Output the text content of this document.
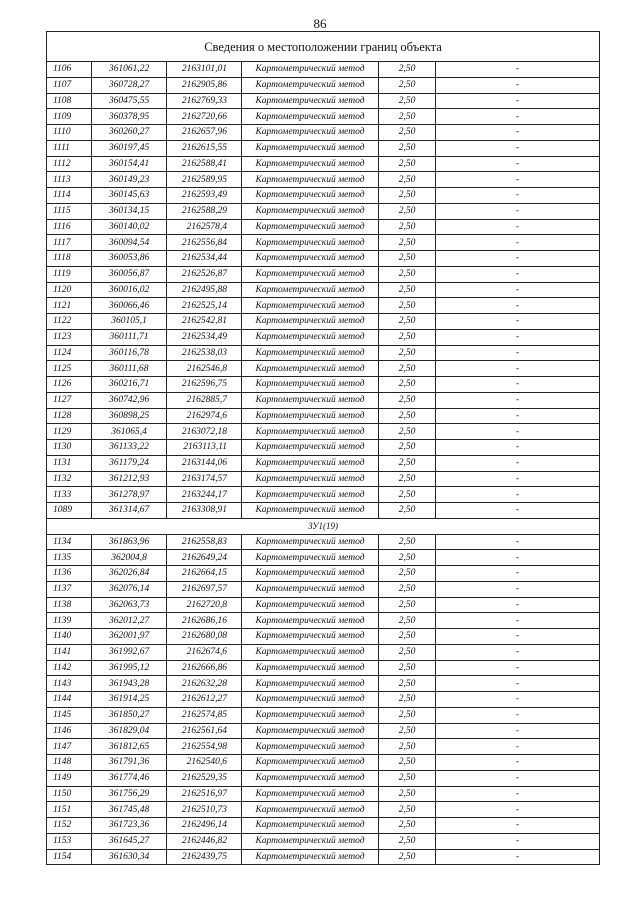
86
Сведения о местоположении границ объекта					
1106	361061,22	2163101,01	Картометрический метод	2,50	-
1107	360728,27	2162905,86	Картометрический метод	2,50	-
1108	360475,55	2162769,33	Картометрический метод	2,50	-
1109	360378,95	2162720,66	Картометрический метод	2,50	-
1110	360260,27	2162657,96	Картометрический метод	2,50	-
1111	360197,45	2162615,55	Картометрический метод	2,50	-
1112	360154,41	2162588,41	Картометрический метод	2,50	-
1113	360149,23	2162589,95	Картометрический метод	2,50	-
1114	360145,63	2162593,49	Картометрический метод	2,50	-
1115	360134,15	2162588,29	Картометрический метод	2,50	-
1116	360140,02	2162578,4	Картометрический метод	2,50	-
1117	360094,54	2162556,84	Картометрический метод	2,50	-
1118	360053,86	2162534,44	Картометрический метод	2,50	-
1119	360056,87	2162526,87	Картометрический метод	2,50	-
1120	360016,02	2162495,88	Картометрический метод	2,50	-
1121	360066,46	2162525,14	Картометрический метод	2,50	-
1122	360105,1	2162542,81	Картометрический метод	2,50	-
1123	360111,71	2162534,49	Картометрический метод	2,50	-
1124	360116,78	2162538,03	Картометрический метод	2,50	-
1125	360111,68	2162546,8	Картометрический метод	2,50	-
1126	360216,71	2162596,75	Картометрический метод	2,50	-
1127	360742,96	2162885,7	Картометрический метод	2,50	-
1128	360898,25	2162974,6	Картометрический метод	2,50	-
1129	361065,4	2163072,18	Картометрический метод	2,50	-
1130	361133,22	2163113,11	Картометрический метод	2,50	-
1131	361179,24	2163144,06	Картометрический метод	2,50	-
1132	361212,93	2163174,57	Картометрический метод	2,50	-
1133	361278,97	2163244,17	Картометрический метод	2,50	-
1089	361314,67	2163308,91	Картометрический метод	2,50	-
ЗУ1(19)					
1134	361863,96	2162558,83	Картометрический метод	2,50	-
1135	362004,8	2162649,24	Картометрический метод	2,50	-
1136	362026,84	2162664,15	Картометрический метод	2,50	-
1137	362076,14	2162697,57	Картометрический метод	2,50	-
1138	362063,73	2162720,8	Картометрический метод	2,50	-
1139	362012,27	2162686,16	Картометрический метод	2,50	-
1140	362001,97	2162680,08	Картометрический метод	2,50	-
1141	361992,67	2162674,6	Картометрический метод	2,50	-
1142	361995,12	2162666,86	Картометрический метод	2,50	-
1143	361943,28	2162632,28	Картометрический метод	2,50	-
1144	361914,25	2162612,27	Картометрический метод	2,50	-
1145	361850,27	2162574,85	Картометрический метод	2,50	-
1146	361829,04	2162561,64	Картометрический метод	2,50	-
1147	361812,65	2162554,98	Картометрический метод	2,50	-
1148	361791,36	2162540,6	Картометрический метод	2,50	-
1149	361774,46	2162529,35	Картометрический метод	2,50	-
1150	361756,29	2162516,97	Картометрический метод	2,50	-
1151	361745,48	2162510,73	Картометрический метод	2,50	-
1152	361723,36	2162496,14	Картометрический метод	2,50	-
1153	361645,27	2162446,82	Картометрический метод	2,50	-
1154	361630,34	2162439,75	Картометрический метод	2,50	-
